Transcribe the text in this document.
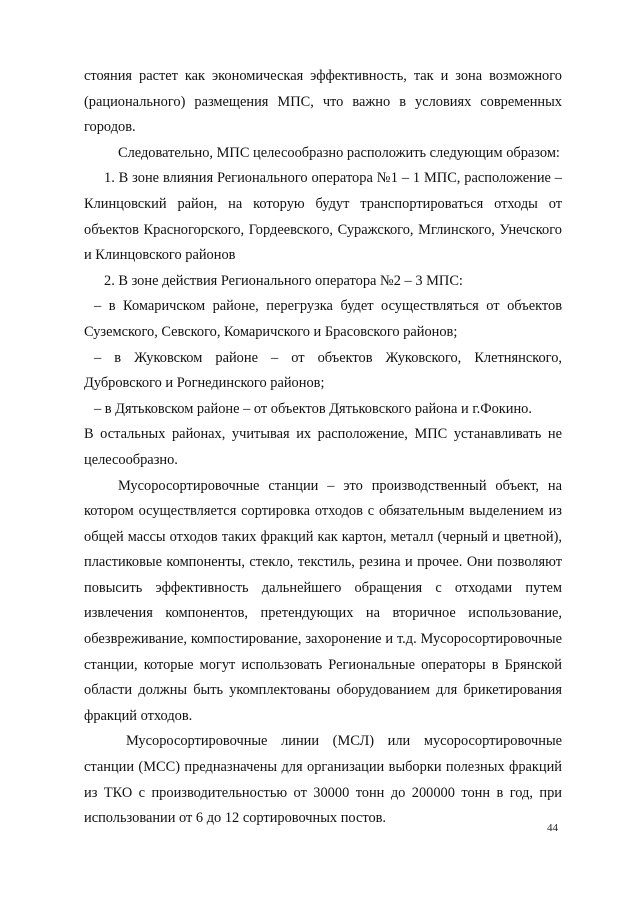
стояния растет как экономическая эффективность, так и зона возможного (рационального) размещения МПС, что важно в условиях современных городов.

Следовательно, МПС целесообразно расположить следующим образом:

1. В зоне влияния Регионального оператора №1 – 1 МПС, расположение – Клинцовский район, на которую будут транспортироваться отходы от объектов Красногорского, Гордеевского, Суражского, Мглинского, Унечского и Клинцовского районов

2. В зоне действия Регионального оператора №2 – 3 МПС:

– в Комаричском районе, перегрузка будет осуществляться от объектов Суземского, Севского, Комаричского и Брасовского районов;

– в Жуковском районе – от объектов Жуковского, Клетнянского, Дубровского и Рогнединского районов;

– в Дятьковском районе – от объектов Дятьковского района и г.Фокино.

В остальных районах, учитывая их расположение, МПС устанавливать не целесообразно.

Мусоросортировочные станции – это производственный объект, на котором осуществляется сортировка отходов с обязательным выделением из общей массы отходов таких фракций как картон, металл (черный и цветной), пластиковые компоненты, стекло, текстиль, резина и прочее. Они позволяют повысить эффективность дальнейшего обращения с отходами путем извлечения компонентов, претендующих на вторичное использование, обезвреживание, компостирование, захоронение и т.д. Мусоросортировочные станции, которые могут использовать Региональные операторы в Брянской области должны быть укомплектованы оборудованием для брикетирования фракций отходов.

Мусоросортировочные линии (МСЛ) или мусоросортировочные станции (МСС) предназначены для организации выборки полезных фракций из ТКО с производительностью от 30000 тонн до 200000 тонн в год, при использовании от 6 до 12 сортировочных постов.

44
